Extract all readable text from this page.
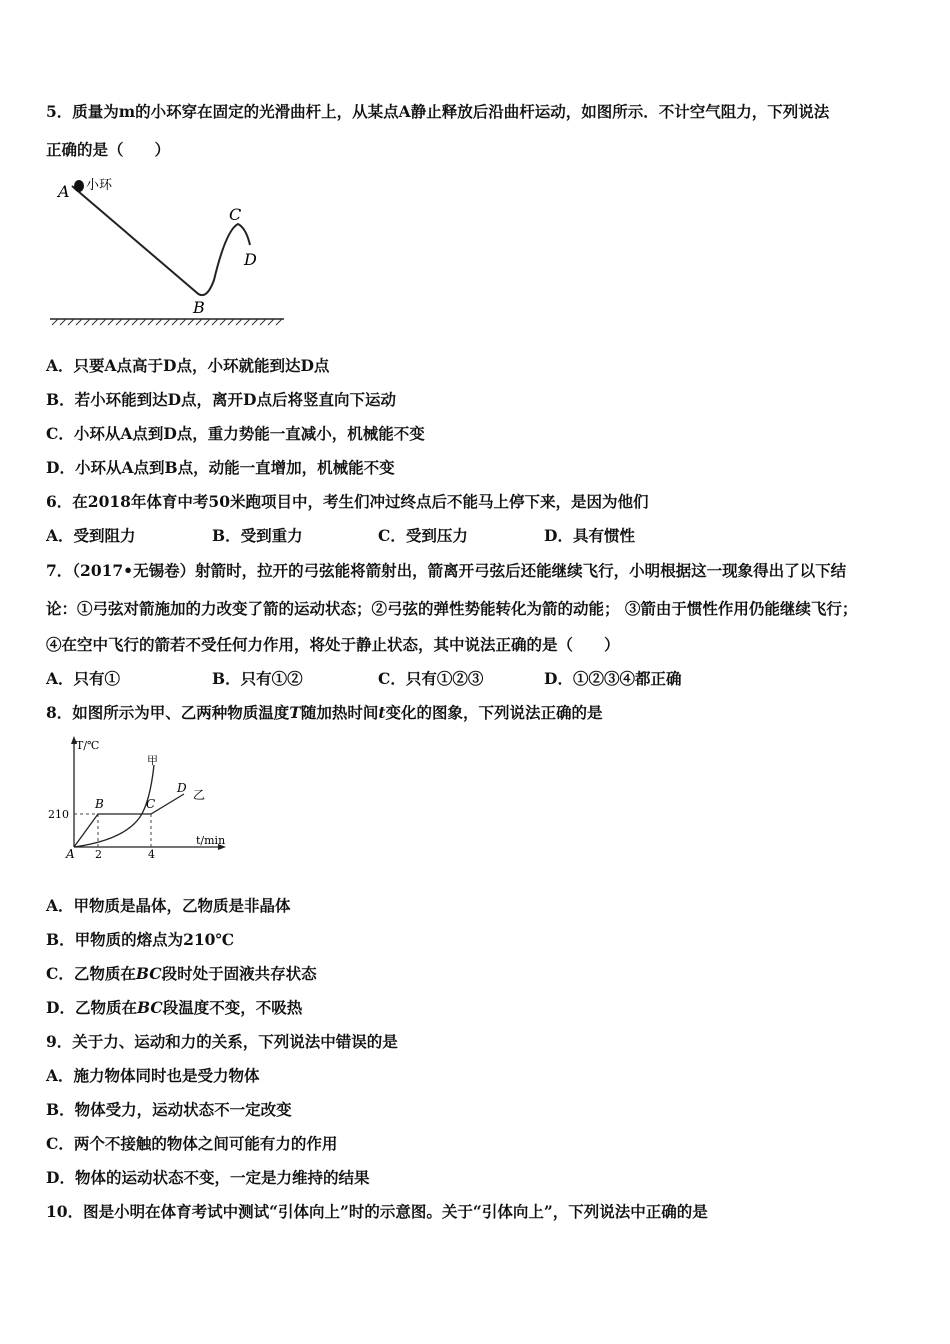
5．质量为m的小环穿在固定的光滑曲杆上，从某点A静止释放后沿曲杆运动，如图所示．不计空气阻力，下列说法
正确的是（　　）
A 小环
C
D
B
A．只要A点高于D点，小环就能到达D点
B．若小环能到达D点，离开D点后将竖直向下运动
C．小环从A点到D点，重力势能一直减小，机械能不变
D．小环从A点到B点，动能一直增加，机械能不变
6．在2018年体育中考50米跑项目中，考生们冲过终点后不能马上停下来，是因为他们
A．受到阻力	B．受到重力	C．受到压力	D．具有惯性
7．（2017•无锡卷）射箭时，拉开的弓弦能将箭射出，箭离开弓弦后还能继续飞行，小明根据这一现象得出了以下结
论：①弓弦对箭施加的力改变了箭的运动状态；②弓弦的弹性势能转化为箭的动能； ③箭由于惯性作用仍能继续飞行；
④在空中飞行的箭若不受任何力作用，将处于静止状态，其中说法正确的是（　　）
A．只有①	B．只有①②	C．只有①②③	D．①②③④都正确
8．如图所示为甲、乙两种物质温度T随加热时间t变化的图象，下列说法正确的是
T/℃
t/min
210
2	4
A
甲
乙
B	C
D
A．甲物质是晶体，乙物质是非晶体
B．甲物质的熔点为210℃
C．乙物质在BC段时处于固液共存状态
D．乙物质在BC段温度不变，不吸热
9．关于力、运动和力的关系，下列说法中错误的是
A．施力物体同时也是受力物体
B．物体受力，运动状态不一定改变
C．两个不接触的物体之间可能有力的作用
D．物体的运动状态不变，一定是力维持的结果
10．图是小明在体育考试中测试“引体向上”时的示意图。关于“引体向上”，下列说法中正确的是
